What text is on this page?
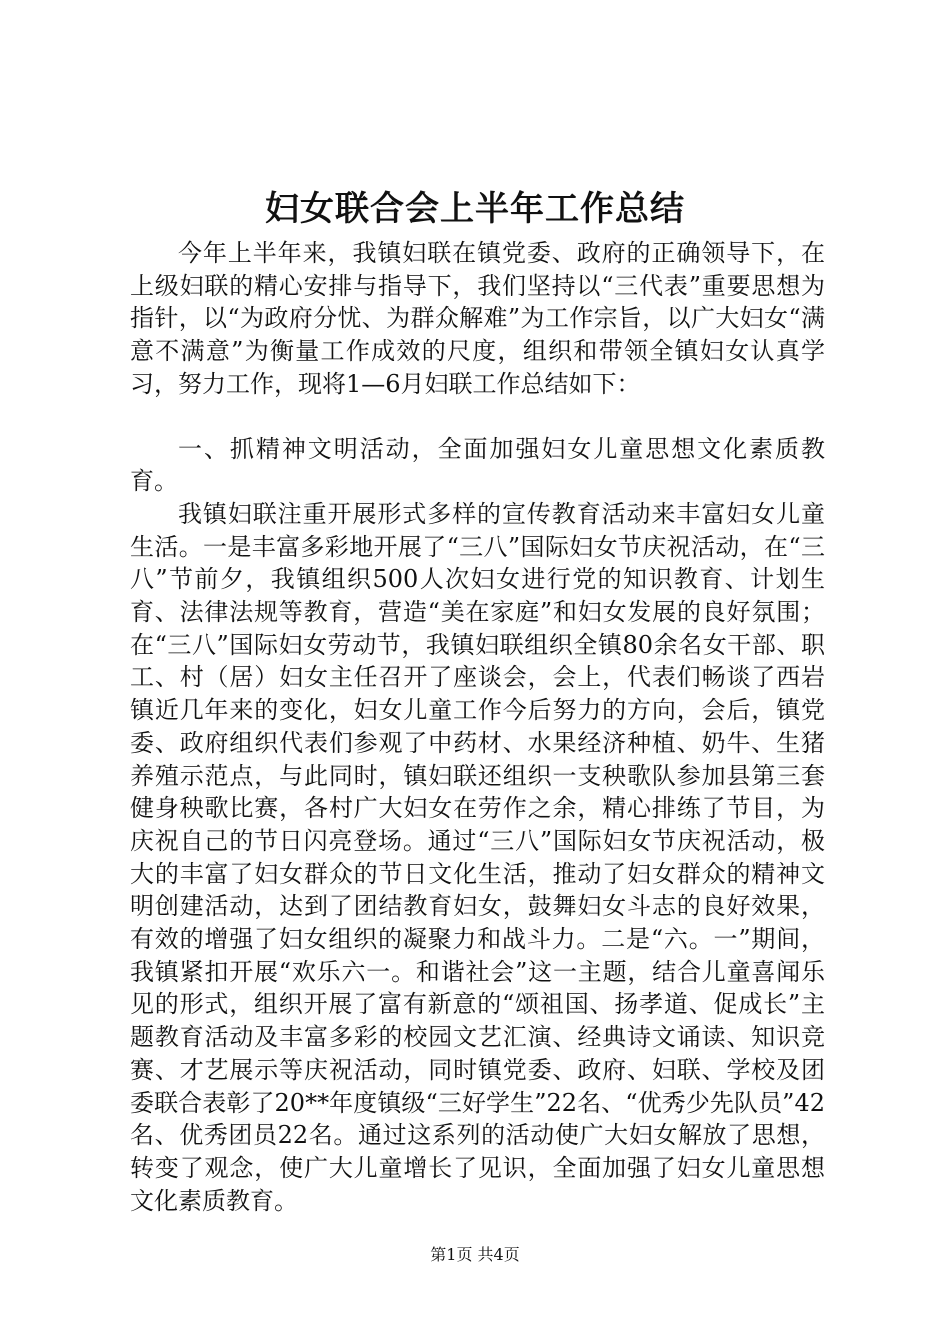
妇女联合会上半年工作总结

今年上半年来，我镇妇联在镇党委、政府的正确领导下，在上级妇联的精心安排与指导下，我们坚持以“三代表”重要思想为指针，以“为政府分忧、为群众解难”为工作宗旨，以广大妇女“满意不满意”为衡量工作成效的尺度，组织和带领全镇妇女认真学习，努力工作，现将1—6月妇联工作总结如下：

一、抓精神文明活动，全面加强妇女儿童思想文化素质教育。

我镇妇联注重开展形式多样的宣传教育活动来丰富妇女儿童生活。一是丰富多彩地开展了“三八”国际妇女节庆祝活动，在“三八”节前夕，我镇组织500人次妇女进行党的知识教育、计划生育、法律法规等教育，营造“美在家庭”和妇女发展的良好氛围；在“三八”国际妇女劳动节，我镇妇联组织全镇80余名女干部、职工、村（居）妇女主任召开了座谈会，会上，代表们畅谈了西岩镇近几年来的变化，妇女儿童工作今后努力的方向，会后，镇党委、政府组织代表们参观了中药材、水果经济种植、奶牛、生猪养殖示范点，与此同时，镇妇联还组织一支秧歌队参加县第三套健身秧歌比赛，各村广大妇女在劳作之余，精心排练了节目，为庆祝自己的节日闪亮登场。通过“三八”国际妇女节庆祝活动，极大的丰富了妇女群众的节日文化生活，推动了妇女群众的精神文明创建活动，达到了团结教育妇女，鼓舞妇女斗志的良好效果，有效的增强了妇女组织的凝聚力和战斗力。二是“六。一”期间，我镇紧扣开展“欢乐六一。和谐社会”这一主题，结合儿童喜闻乐见的形式，组织开展了富有新意的“颂祖国、扬孝道、促成长”主题教育活动及丰富多彩的校园文艺汇演、经典诗文诵读、知识竞赛、才艺展示等庆祝活动，同时镇党委、政府、妇联、学校及团委联合表彰了20**年度镇级“三好学生”22名、“优秀少先队员”42名、优秀团员22名。通过这系列的活动使广大妇女解放了思想，转变了观念，使广大儿童增长了见识，全面加强了妇女儿童思想文化素质教育。

第1页 共4页
